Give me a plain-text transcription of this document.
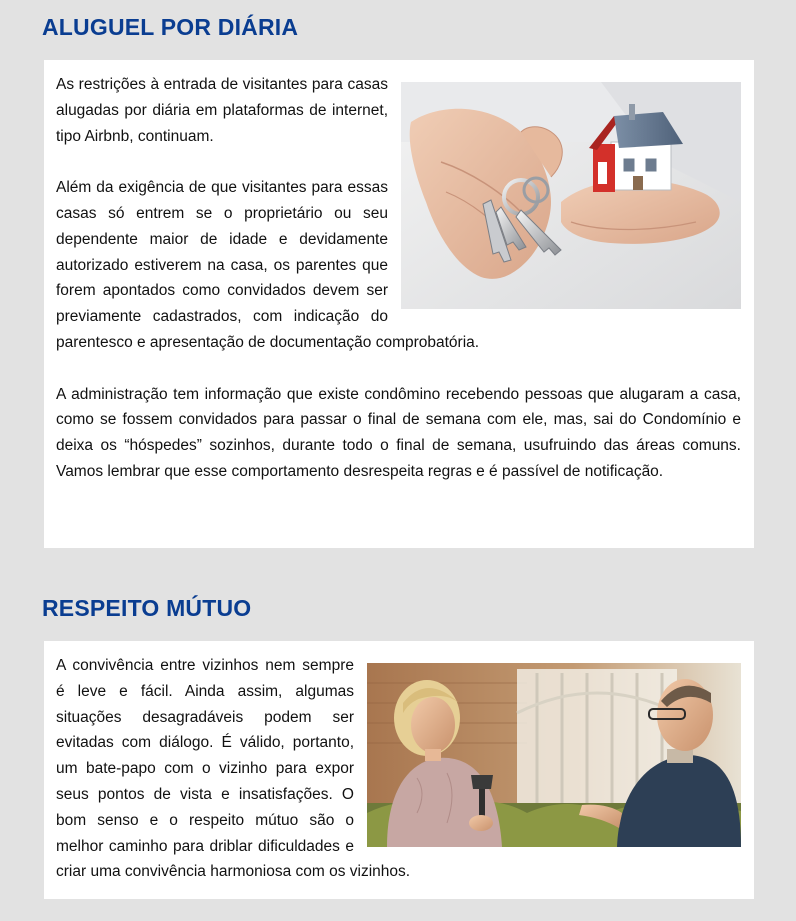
ALUGUEL POR DIÁRIA

As restrições à entrada de visitantes para casas alugadas por diária em plataformas de internet, tipo Airbnb, continuam.

Além da exigência de que visitantes para essas casas só entrem se o proprietário ou seu dependente maior de idade e devidamente autorizado estiverem na casa, os parentes que forem apontados como convidados devem ser previamente cadastrados, com indicação do parentesco e apresentação de documentação comprobatória.

A administração tem informação que existe condômino recebendo pessoas que alugaram a casa, como se fossem convidados para passar o final de semana com ele, mas, sai do Condomínio e deixa os “hóspedes” sozinhos, durante todo o final de semana, usufruindo das áreas comuns. Vamos lembrar que esse comportamento desrespeita regras e é passível de notificação.

RESPEITO MÚTUO

A convivência entre vizinhos nem sempre é leve e fácil. Ainda assim, algumas situações desagradáveis podem ser evitadas com diálogo. É válido, portanto, um bate-papo com o vizinho para expor seus pontos de vista e insatisfações. O bom senso e o respeito mútuo são o melhor caminho para driblar dificuldades e criar uma convivência harmoniosa com os vizinhos.
